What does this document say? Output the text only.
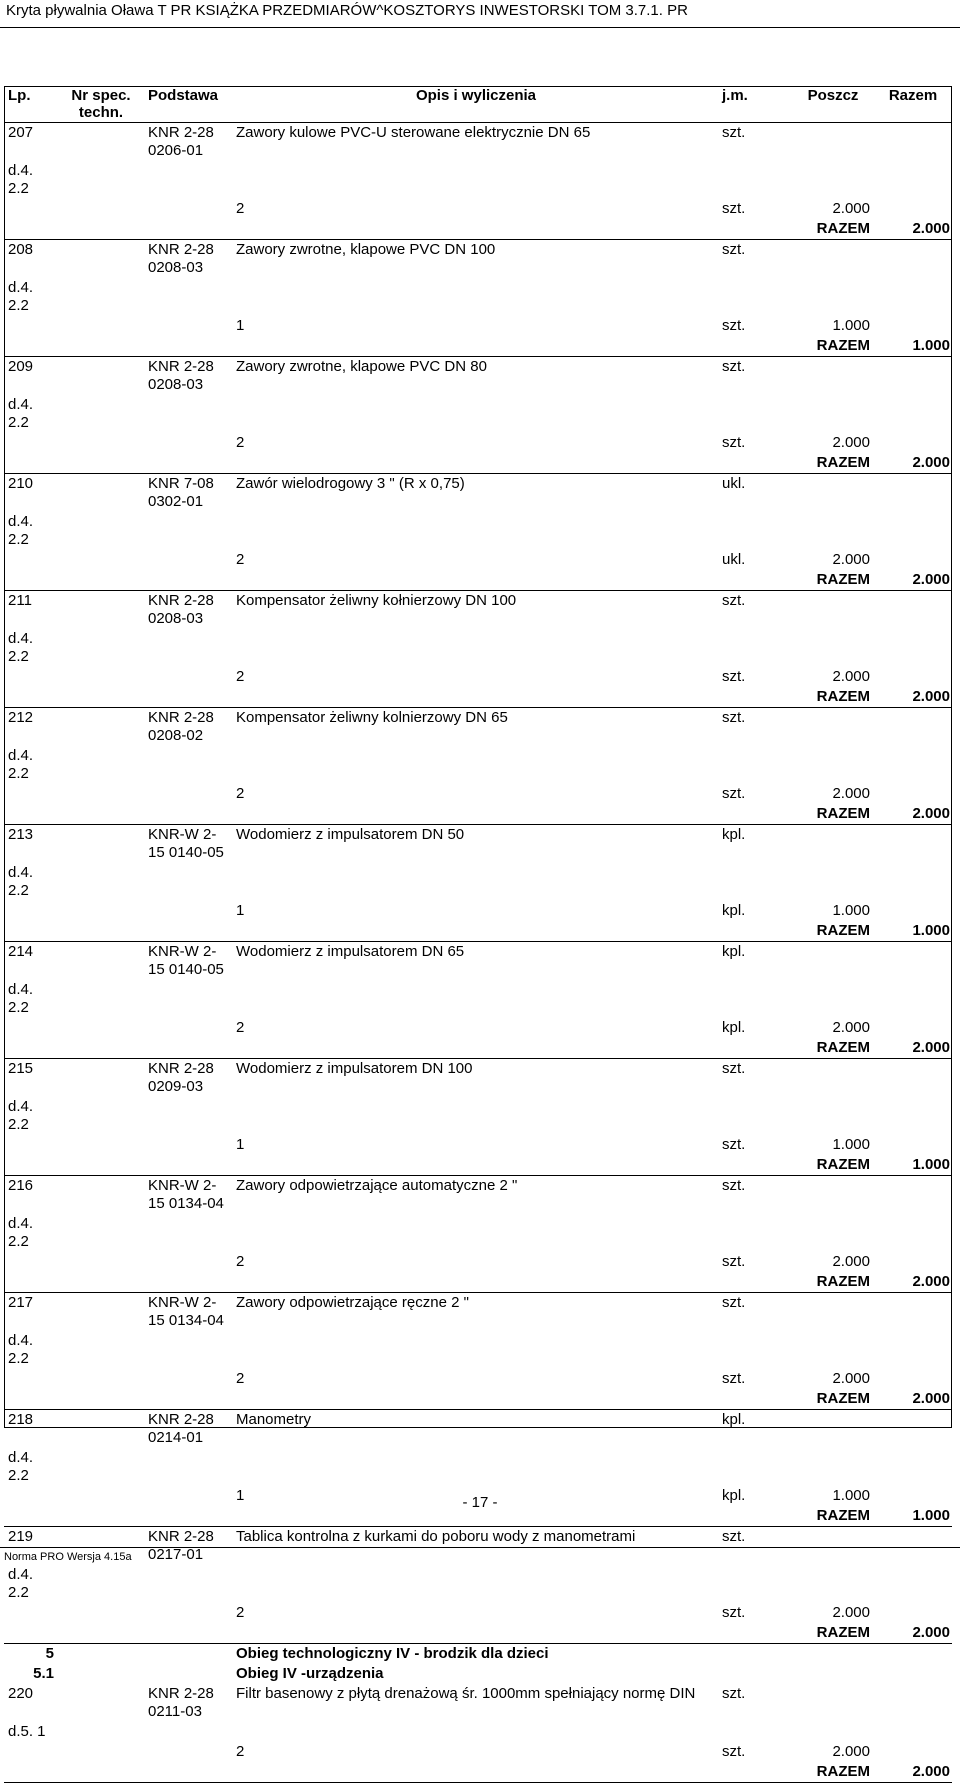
Kryta pływalnia Oława T PR KSIĄŻKA PRZEDMIARÓW^KOSZTORYS INWESTORSKI TOM 3.7.1. PR
Lp.	Nr spec. techn.	Podstawa	Opis i wyliczenia	j.m.	Poszcz	Razem
207		KNR 2-28 0206-01	Zawory kulowe PVC-U sterowane elektrycznie DN 65	szt.		
d.4. 2.2						
			2	szt.	2.000	
					RAZEM	2.000
208		KNR 2-28 0208-03	Zawory zwrotne, klapowe PVC DN 100	szt.		
d.4. 2.2						
			1	szt.	1.000	
					RAZEM	1.000
209		KNR 2-28 0208-03	Zawory zwrotne, klapowe PVC DN 80	szt.		
d.4. 2.2						
			2	szt.	2.000	
					RAZEM	2.000
210		KNR 7-08 0302-01	Zawór wielodrogowy 3 " (R x 0,75)	ukl.		
d.4. 2.2						
			2	ukl.	2.000	
					RAZEM	2.000
211		KNR 2-28 0208-03	Kompensator żeliwny kołnierzowy DN 100	szt.		
d.4. 2.2						
			2	szt.	2.000	
					RAZEM	2.000
212		KNR 2-28 0208-02	Kompensator żeliwny kolnierzowy DN 65	szt.		
d.4. 2.2						
			2	szt.	2.000	
					RAZEM	2.000
213		KNR-W 2-15 0140-05	Wodomierz z impulsatorem DN 50	kpl.		
d.4. 2.2						
			1	kpl.	1.000	
					RAZEM	1.000
214		KNR-W 2-15 0140-05	Wodomierz z impulsatorem DN 65	kpl.		
d.4. 2.2						
			2	kpl.	2.000	
					RAZEM	2.000
215		KNR 2-28 0209-03	Wodomierz z impulsatorem DN 100	szt.		
d.4. 2.2						
			1	szt.	1.000	
					RAZEM	1.000
216		KNR-W 2-15 0134-04	Zawory odpowietrzające automatyczne 2 "	szt.		
d.4. 2.2						
			2	szt.	2.000	
					RAZEM	2.000
217		KNR-W 2-15 0134-04	Zawory odpowietrzające ręczne 2 "	szt.		
d.4. 2.2						
			2	szt.	2.000	
					RAZEM	2.000
218		KNR 2-28 0214-01	Manometry	kpl.		
d.4. 2.2						
			1	kpl.	1.000	
					RAZEM	1.000
219		KNR 2-28 0217-01	Tablica kontrolna z kurkami do poboru wody z manometrami	szt.		
d.4. 2.2						
			2	szt.	2.000	
					RAZEM	2.000
5			Obieg technologiczny IV - brodzik dla dzieci			
5.1			Obieg IV -urządzenia			
220		KNR 2-28 0211-03	Filtr basenowy z płytą drenażową śr. 1000mm spełniający normę DIN	szt.		
d.5. 1						
			2	szt.	2.000	
					RAZEM	2.000
- 17 -
Norma PRO Wersja 4.15a
